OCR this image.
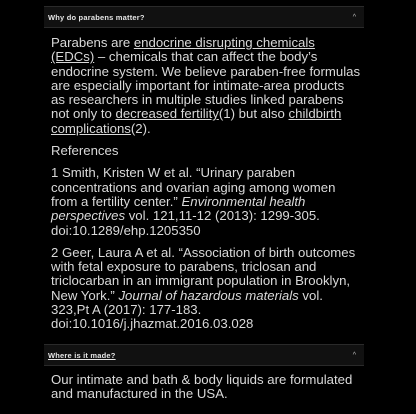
Why do parabens matter?	^

Parabens are endocrine disrupting chemicals
(EDCs) – chemicals that can affect the body’s endocrine system. We believe paraben-free formulas are especially important for intimate-area products as researchers in multiple studies linked parabens not only to decreased fertility(1) but also childbirth complications(2).

References

1 Smith, Kristen W et al. “Urinary paraben concentrations and ovarian aging among women from a fertility center.” Environmental health perspectives vol. 121,11-12 (2013): 1299-305. doi:10.1289/ehp.1205350

2 Geer, Laura A et al. “Association of birth outcomes with fetal exposure to parabens, triclosan and triclocarban in an immigrant population in Brooklyn, New York.” Journal of hazardous materials vol. 323,Pt A (2017): 177-183. doi:10.1016/j.jhazmat.2016.03.028

Where is it made?	^

Our intimate and bath & body liquids are formulated and manufactured in the USA.
